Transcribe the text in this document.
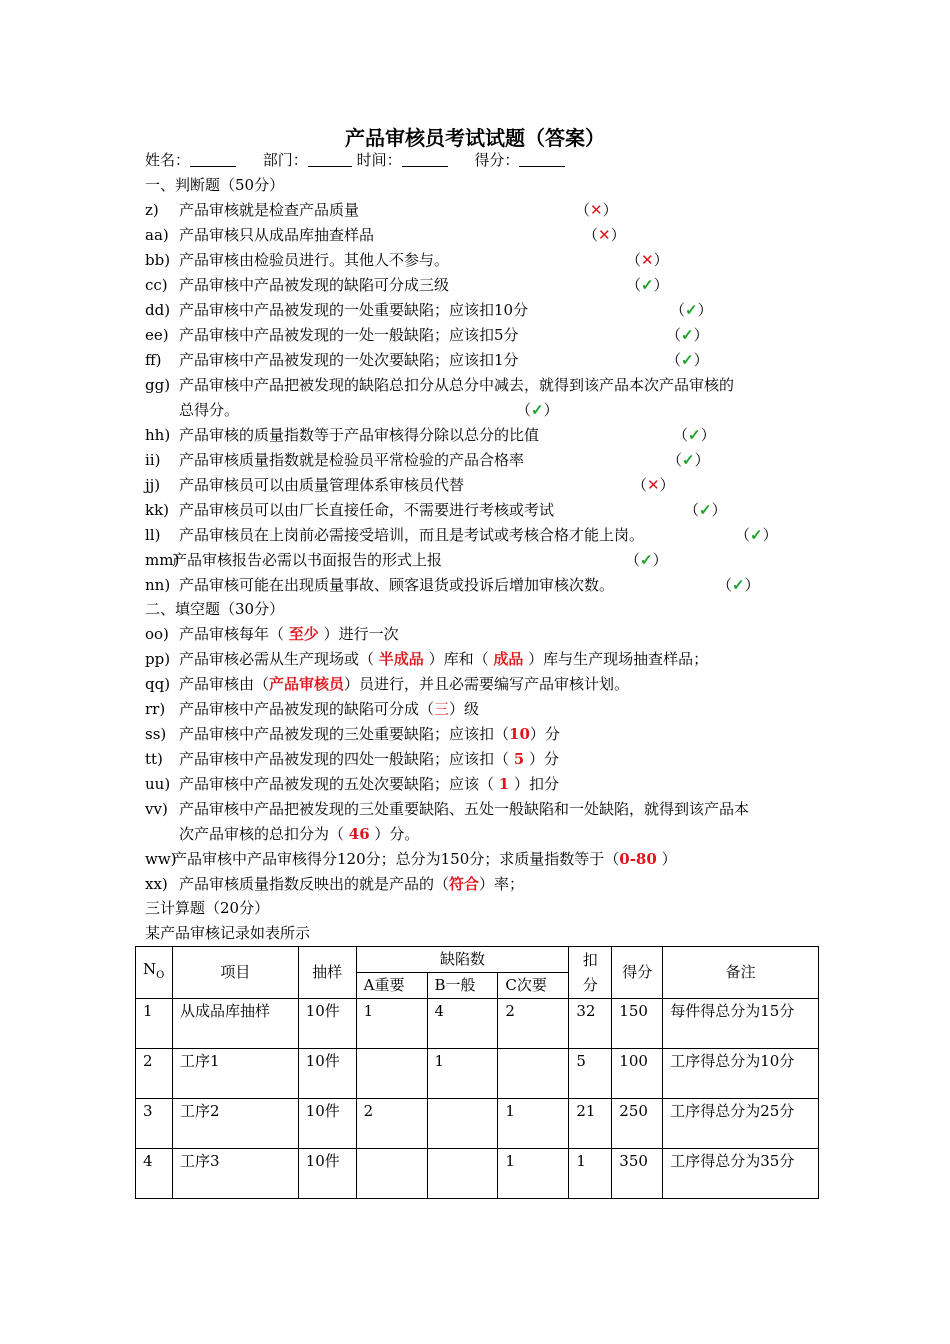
产品审核员考试试题（答案）
姓名：	部门：	时间：	得分：
一、判断题（50分）
z)	产品审核就是检查产品质量	（✕）
aa) 产品审核只从成品库抽查样品	（✕）
bb) 产品审核由检验员进行。其他人不参与。	（✕）
cc) 产品审核中产品被发现的缺陷可分成三级	（✓）
dd) 产品审核中产品被发现的一处重要缺陷；应该扣10分	（✓）
ee) 产品审核中产品被发现的一处一般缺陷；应该扣5分	（✓）
ff)	产品审核中产品被发现的一处次要缺陷；应该扣1分	（✓）
gg) 产品审核中产品把被发现的缺陷总扣分从总分中减去，就得到该产品本次产品审核的
总得分。	（✓）
hh) 产品审核的质量指数等于产品审核得分除以总分的比值	（✓）
ii)	产品审核质量指数就是检验员平常检验的产品合格率	（✓）
jj)	产品审核员可以由质量管理体系审核员代替	（✕）
kk) 产品审核员可以由厂长直接任命，不需要进行考核或考试	（✓）
ll)	产品审核员在上岗前必需接受培训，而且是考试或考核合格才能上岗。	（✓）
mm)
产品审核报告必需以书面报告的形式上报	（✓）
nn) 产品审核可能在出现质量事故、顾客退货或投诉后增加审核次数。	（✓）
二、填空题（30分）
oo) 产品审核每年（ 至少 ）进行一次
pp) 产品审核必需从生产现场或（ 半成品 ）库和（ 成品 ）库与生产现场抽查样品；
qq) 产品审核由（产品审核员）员进行，并且必需要编写产品审核计划。
rr) 产品审核中产品被发现的缺陷可分成（三）级
ss) 产品审核中产品被发现的三处重要缺陷；应该扣（10）分
tt)	产品审核中产品被发现的四处一般缺陷；应该扣（ 5 ）分
uu) 产品审核中产品被发现的五处次要缺陷；应该（ 1 ）扣分
vv) 产品审核中产品把被发现的三处重要缺陷、五处一般缺陷和一处缺陷，就得到该产品本
次产品审核的总扣分为（ 46 ）分。
ww)
产品审核中产品审核得分120分；总分为150分；求质量指数等于（0-80 ）
xx) 产品审核质量指数反映出的就是产品的（符合）率；
三计算题（20分）
某产品审核记录如表所示
$N_O$	项目	抽样	缺陷数			扣分	得分	备注
			A重要	B一般	C次要			
1	从成品库抽样	10件	1	4	2	32	150	每件得总分为15分
2	工序1	10件		1		5	100	工序得总分为10分
3	工序2	10件	2		1	21	250	工序得总分为25分
4	工序3	10件			1	1	350	工序得总分为35分
